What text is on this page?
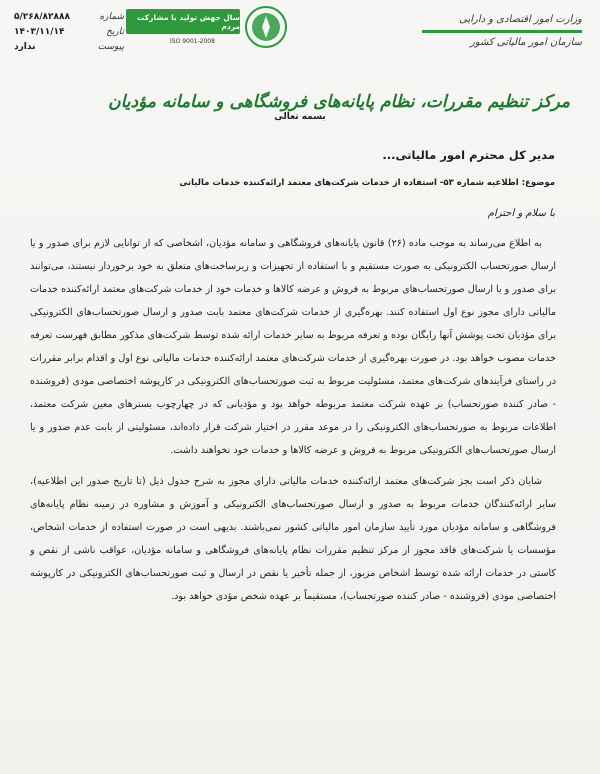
شماره
۵/۲۶۸/۸۲۸۸۸
تاریخ
۱۴۰۳/۱۱/۱۴
پیوست
ندارد
سال جهش تولید با مشارکت مردم
ISO 9001-2008
وزارت امور اقتصادی و دارایی
سازمان امور مالیاتی کشور
مرکز تنظیم مقررات، نظام پایانه‌های فروشگاهی و سامانه مؤدیان
بسمه تعالی
مدیر کل محترم امور مالیاتی...
موضوع: اطلاعیه شماره ۵۳- استفاده از خدمات شرکت‌های معتمد ارائه‌کننده خدمات مالیاتی
با سلام و احترام

به اطلاع می‌رساند به موجب ماده (۲۶) قانون پایانه‌های فروشگاهی و سامانه مؤدیان، اشخاصی که از توانایی لازم برای صدور و یا ارسال صورتحساب الکترونیکی به صورت مستقیم و با استفاده از تجهیزات و زیرساخت‌های متعلق به خود برخوردار نیستند، می‌توانند برای صدور و یا ارسال صورتحساب‌های مربوط به فروش و عرضه کالاها و خدمات خود از خدمات شرکت‌های معتمد ارائه‌کننده خدمات مالیاتی دارای مجوز نوع اول استفاده کنند. بهره‌گیری از خدمات شرکت‌های معتمد بابت صدور و ارسال صورتحساب‌های الکترونیکی برای مؤدیان تحت پوشش آنها رایگان بوده و تعرفه مربوط به سایر خدمات ارائه شده توسط شرکت‌های مذکور مطابق فهرست تعرفه خدمات مصوب خواهد بود. در صورت بهره‌گیری از خدمات شرکت‌های معتمد ارائه‌کننده خدمات مالیاتی نوع اول و اقدام برابر مقررات در راستای فرآیندهای شرکت‌های معتمد، مسئولیت مربوط به ثبت صورتحساب‌های الکترونیکی در کارپوشه اختصاصی مودی (فروشنده - صادر کننده صورتحساب) بر عهده شرکت معتمد مربوطه خواهد بود و مؤدیانی که در چهارچوب بسترهای معین شرکت معتمد، اطلاعات مربوط به صورتحساب‌های الکترونیکی را در موعد مقرر در اختیار شرکت قرار داده‌اند، مسئولیتی از بابت عدم صدور و یا ارسال صورتحساب‌های الکترونیکی مربوط به فروش و عرضه کالاها و خدمات خود نخواهند داشت.

شایان ذکر است بجز شرکت‌های معتمد ارائه‌کننده خدمات مالیاتی دارای مجوز به شرح جدول ذیل (تا تاریخ صدور این اطلاعیه)، سایر ارائه‌کنندگان خدمات مربوط به صدور و ارسال صورتحساب‌های الکترونیکی و آموزش و مشاوره در زمینه نظام پایانه‌های فروشگاهی و سامانه مؤدیان مورد تأیید سازمان امور مالیاتی کشور نمی‌باشند. بدیهی است در صورت استفاده از خدمات اشخاص، مؤسسات یا شرکت‌های فاقد مجوز از مرکز تنظیم مقررات نظام پایانه‌های فروشگاهی و سامانه مؤدیان، عواقب ناشی از نقص و کاستی در خدمات ارائه شده توسط اشخاص مزبور، از جمله تأخیر یا نقص در ارسال و ثبت صورتحساب‌های الکترونیکی در کارپوشه اختصاصی مودی (فروشنده - صادر کننده صورتحساب)، مستقیماً بر عهده شخص مؤدی خواهد بود.
